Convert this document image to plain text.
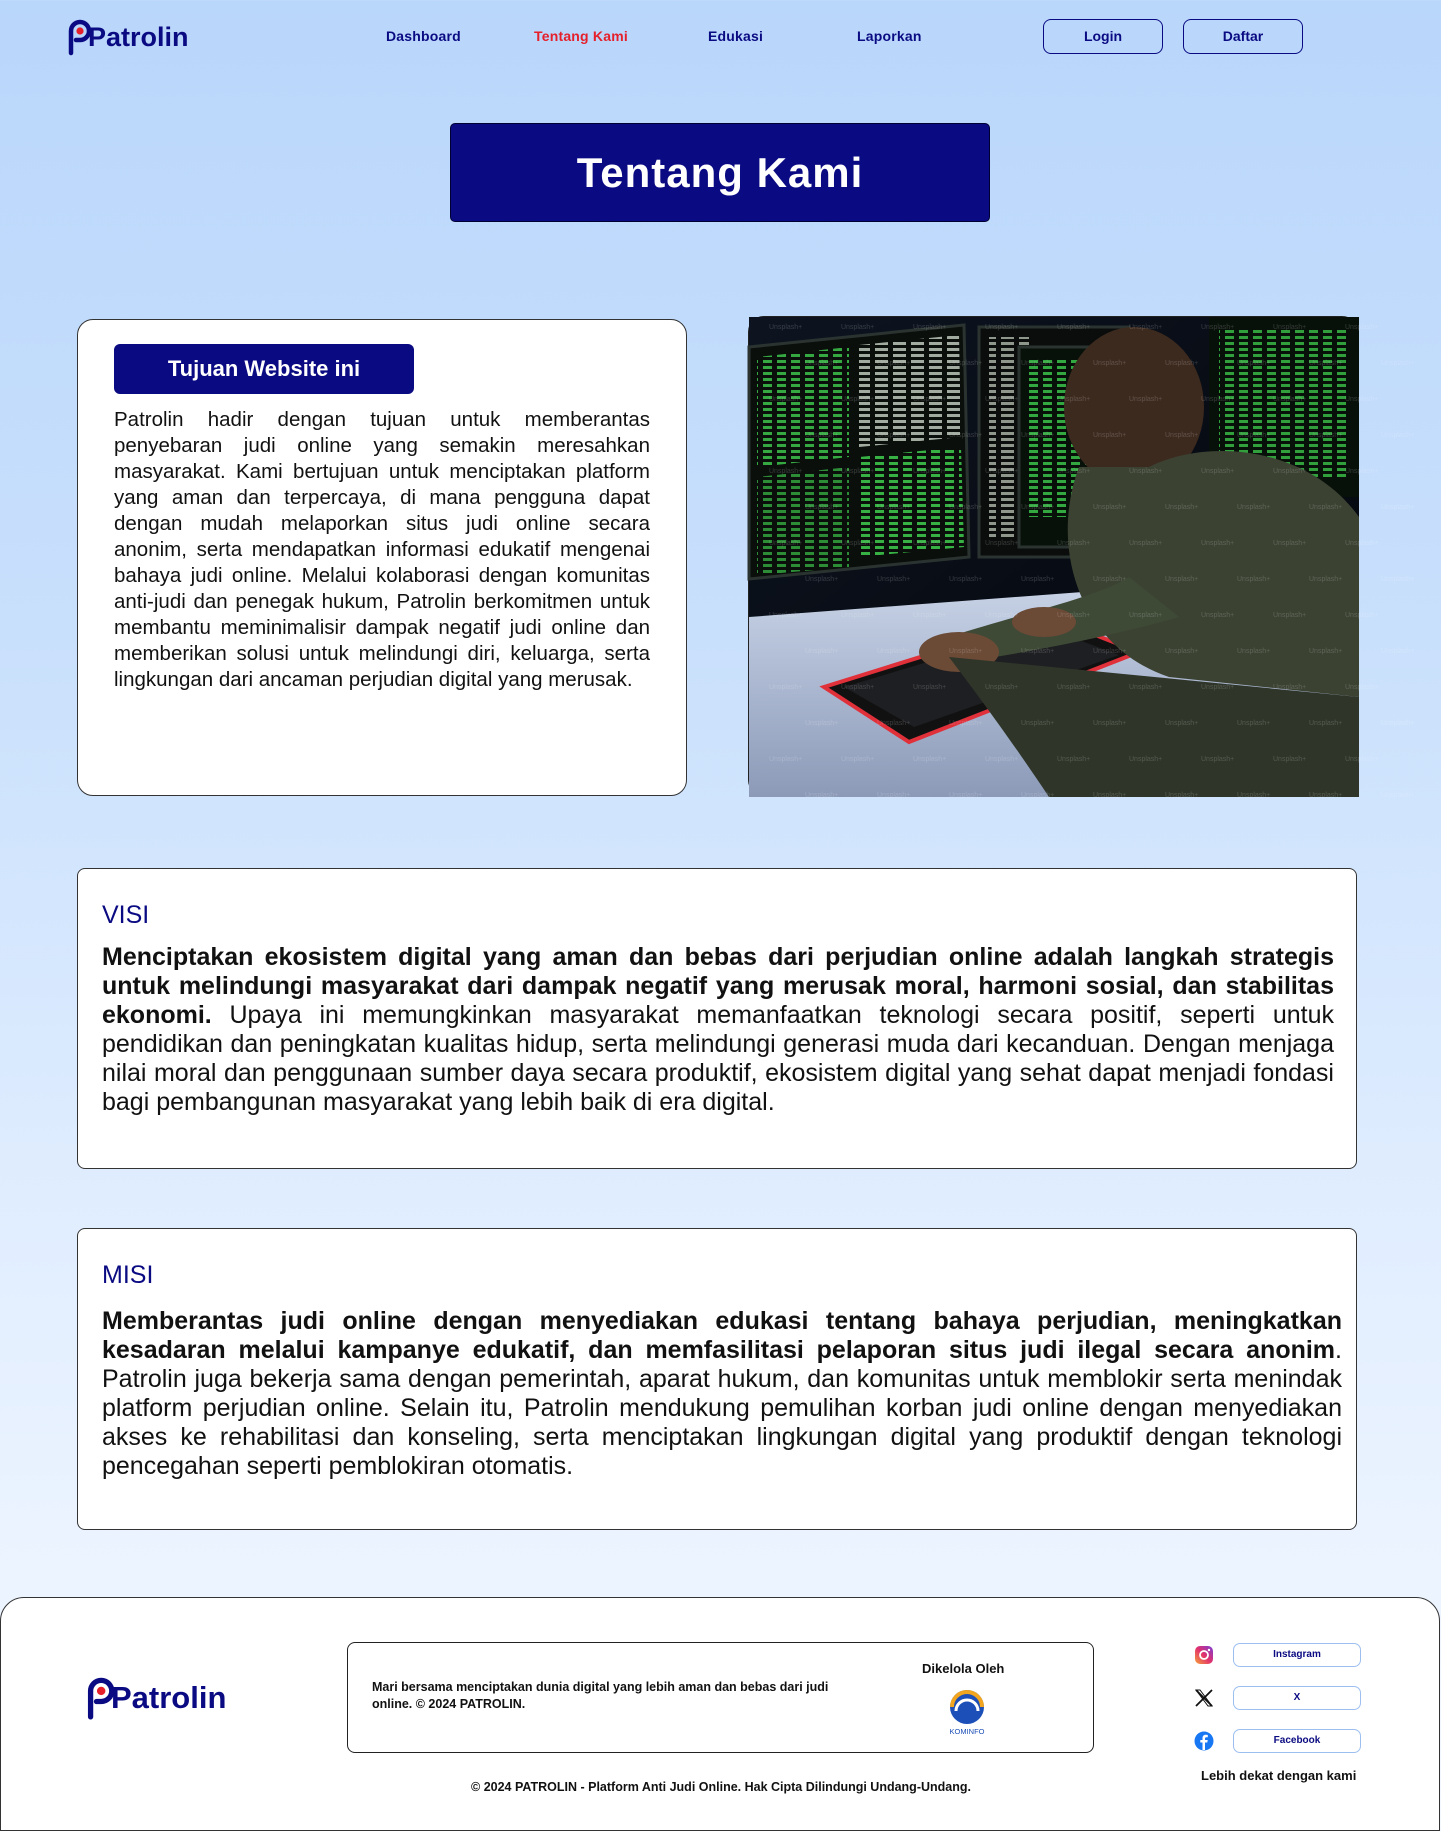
Patrolin	Dashboard	Tentang Kami	Edukasi	Laporkan	Login	Daftar
Tentang Kami
Tujuan Website ini

Patrolin hadir dengan tujuan untuk memberantas penyebaran judi online yang semakin meresahkan masyarakat. Kami bertujuan untuk menciptakan platform yang aman dan terpercaya, di mana pengguna dapat dengan mudah melaporkan situs judi online secara anonim, serta mendapatkan informasi edukatif mengenai bahaya judi online. Melalui kolaborasi dengan komunitas anti-judi dan penegak hukum, Patrolin berkomitmen untuk membantu meminimalisir dampak negatif judi online dan memberikan solusi untuk melindungi diri, keluarga, serta lingkungan dari ancaman perjudian digital yang merusak.

Unsplash+	Unsplash+	Unsplash+	Unsplash+	Unsplash+	Unsplash+	Unsplash+	Unsplash+	Unsplash+
Unsplash+	Unsplash+	Unsplash+	Unsplash+	Unsplash+	Unsplash+	Unsplash+	Unsplash+	Unsplash+
Unsplash+	Unsplash+	Unsplash+	Unsplash+	Unsplash+	Unsplash+	Unsplash+	Unsplash+	Unsplash+
Unsplash+	Unsplash+	Unsplash+	Unsplash+	Unsplash+	Unsplash+	Unsplash+	Unsplash+	Unsplash+
Unsplash+	Unsplash+	Unsplash+	Unsplash+	Unsplash+	Unsplash+	Unsplash+	Unsplash+	Unsplash+
Unsplash+	Unsplash+	Unsplash+	Unsplash+	Unsplash+	Unsplash+	Unsplash+	Unsplash+	Unsplash+
Unsplash+	Unsplash+	Unsplash+	Unsplash+	Unsplash+	Unsplash+	Unsplash+	Unsplash+	Unsplash+
Unsplash+	Unsplash+	Unsplash+	Unsplash+	Unsplash+	Unsplash+	Unsplash+	Unsplash+	Unsplash+
Unsplash+	Unsplash+	Unsplash+	Unsplash+	Unsplash+	Unsplash+	Unsplash+	Unsplash+	Unsplash+
Unsplash+	Unsplash+	Unsplash+	Unsplash+	Unsplash+	Unsplash+	Unsplash+	Unsplash+	Unsplash+
Unsplash+	Unsplash+	Unsplash+	Unsplash+	Unsplash+	Unsplash+	Unsplash+	Unsplash+	Unsplash+
Unsplash+	Unsplash+	Unsplash+	Unsplash+	Unsplash+	Unsplash+	Unsplash+	Unsplash+	Unsplash+
Unsplash+	Unsplash+	Unsplash+	Unsplash+	Unsplash+	Unsplash+	Unsplash+	Unsplash+	Unsplash+
Unsplash+	Unsplash+	Unsplash+	Unsplash+	Unsplash+	Unsplash+	Unsplash+	Unsplash+	Unsplash+
VISI

Menciptakan ekosistem digital yang aman dan bebas dari perjudian online adalah langkah strategis untuk melindungi masyarakat dari dampak negatif yang merusak moral, harmoni sosial, dan stabilitas ekonomi. Upaya ini memungkinkan masyarakat memanfaatkan teknologi secara positif, seperti untuk pendidikan dan peningkatan kualitas hidup, serta melindungi generasi muda dari kecanduan. Dengan menjaga nilai moral dan penggunaan sumber daya secara produktif, ekosistem digital yang sehat dapat menjadi fondasi bagi pembangunan masyarakat yang lebih baik di era digital.

MISI

Memberantas judi online dengan menyediakan edukasi tentang bahaya perjudian, meningkatkan kesadaran melalui kampanye edukatif, dan memfasilitasi pelaporan situs judi ilegal secara anonim. Patrolin juga bekerja sama dengan pemerintah, aparat hukum, dan komunitas untuk memblokir serta menindak platform perjudian online. Selain itu, Patrolin mendukung pemulihan korban judi online dengan menyediakan akses ke rehabilitasi dan konseling, serta menciptakan lingkungan digital yang produktif dengan teknologi pencegahan seperti pemblokiran otomatis.

Patrolin	Mari bersama menciptakan dunia digital yang lebih aman dan bebas dari judi online. © 2024 PATROLIN.

Dikelola Oleh

KOMINFO
Instagram
X
Facebook

Lebih dekat dengan kami

© 2024 PATROLIN - Platform Anti Judi Online. Hak Cipta Dilindungi Undang-Undang.
